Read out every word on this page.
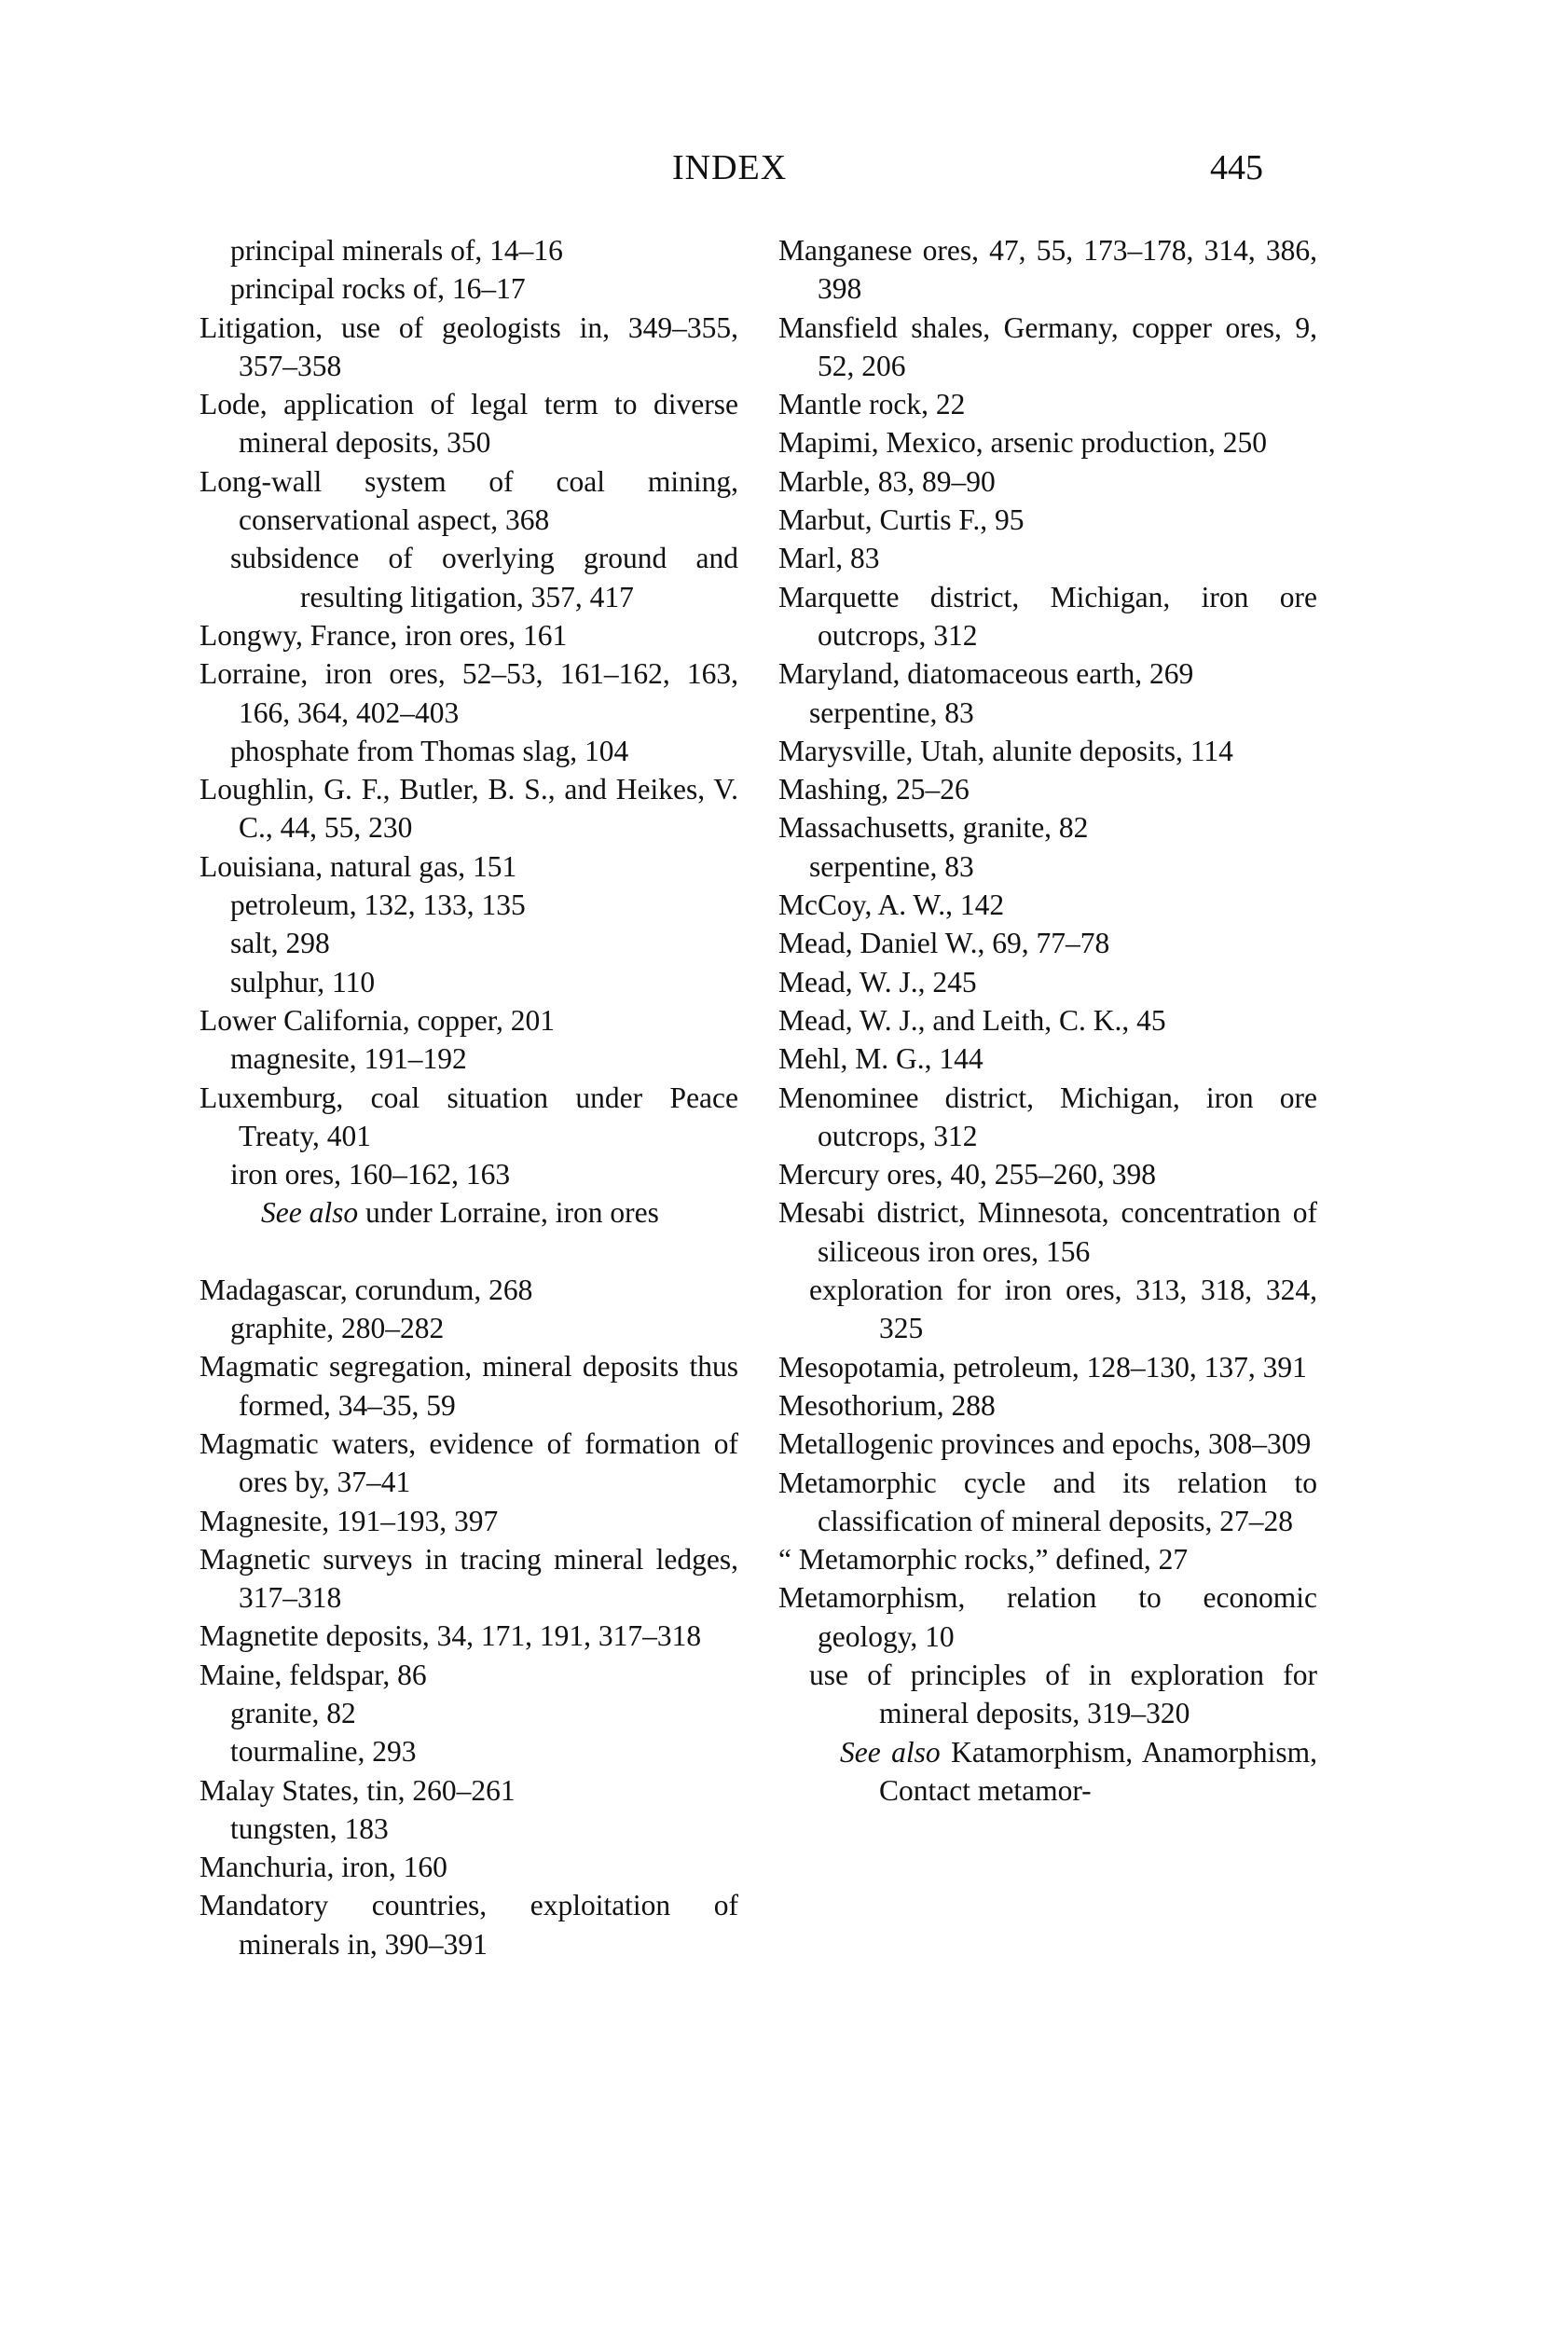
INDEX	445
principal minerals of, 14–16
principal rocks of, 16–17
Litigation, use of geologists in, 349–355, 357–358
Lode, application of legal term to diverse mineral deposits, 350
Long-wall system of coal mining, conservational aspect, 368
subsidence of overlying ground and resulting litigation, 357, 417
Longwy, France, iron ores, 161
Lorraine, iron ores, 52–53, 161–162, 163, 166, 364, 402–403
phosphate from Thomas slag, 104
Loughlin, G. F., Butler, B. S., and Heikes, V. C., 44, 55, 230
Louisiana, natural gas, 151
petroleum, 132, 133, 135
salt, 298
sulphur, 110
Lower California, copper, 201
magnesite, 191–192
Luxemburg, coal situation under Peace Treaty, 401
iron ores, 160–162, 163
See also under Lorraine, iron ores
Madagascar, corundum, 268
graphite, 280–282
Magmatic segregation, mineral deposits thus formed, 34–35, 59
Magmatic waters, evidence of formation of ores by, 37–41
Magnesite, 191–193, 397
Magnetic surveys in tracing mineral ledges, 317–318
Magnetite deposits, 34, 171, 191, 317–318
Maine, feldspar, 86
granite, 82
tourmaline, 293
Malay States, tin, 260–261
tungsten, 183
Manchuria, iron, 160
Mandatory countries, exploitation of minerals in, 390–391
Manganese ores, 47, 55, 173–178, 314, 386, 398
Mansfield shales, Germany, copper ores, 9, 52, 206
Mantle rock, 22
Mapimi, Mexico, arsenic production, 250
Marble, 83, 89–90
Marbut, Curtis F., 95
Marl, 83
Marquette district, Michigan, iron ore outcrops, 312
Maryland, diatomaceous earth, 269
serpentine, 83
Marysville, Utah, alunite deposits, 114
Mashing, 25–26
Massachusetts, granite, 82
serpentine, 83
McCoy, A. W., 142
Mead, Daniel W., 69, 77–78
Mead, W. J., 245
Mead, W. J., and Leith, C. K., 45
Mehl, M. G., 144
Menominee district, Michigan, iron ore outcrops, 312
Mercury ores, 40, 255–260, 398
Mesabi district, Minnesota, concentration of siliceous iron ores, 156
exploration for iron ores, 313, 318, 324, 325
Mesopotamia, petroleum, 128–130, 137, 391
Mesothorium, 288
Metallogenic provinces and epochs, 308–309
Metamorphic cycle and its relation to classification of mineral deposits, 27–28
“ Metamorphic rocks,” defined, 27
Metamorphism, relation to economic geology, 10
use of principles of in exploration for mineral deposits, 319–320
See also Katamorphism, Anamorphism, Contact metamor-
